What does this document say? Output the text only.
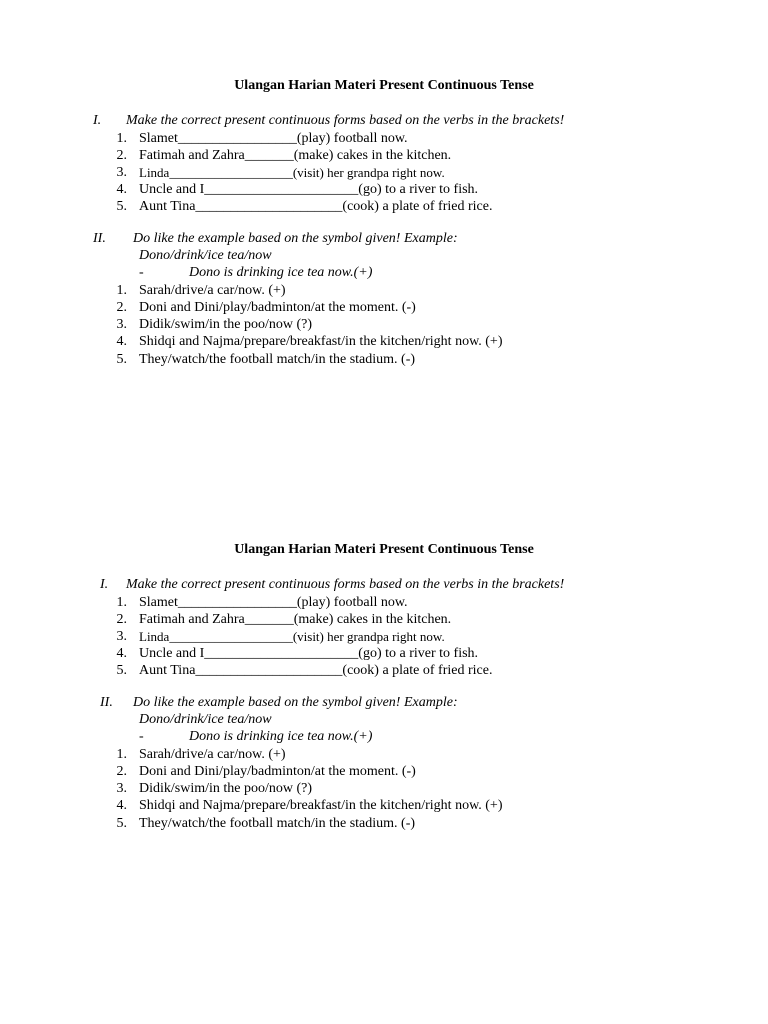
Ulangan Harian Materi Present Continuous Tense
I. Make the correct present continuous forms based on the verbs in the brackets!
1. Slamet_________________(play) football now.
2. Fatimah and Zahra_______(make) cakes in the kitchen.
3. Linda___________________(visit) her grandpa right now.
4. Uncle and I______________________(go) to a river to fish.
5. Aunt Tina_____________________(cook) a plate of fried rice.
II. Do like the example based on the symbol given! Example:
Dono/drink/ice tea/now
-	Dono is drinking ice tea now.(+)
1. Sarah/drive/a car/now. (+)
2. Doni and Dini/play/badminton/at the moment. (-)
3. Didik/swim/in the poo/now (?)
4. Shidqi and Najma/prepare/breakfast/in the kitchen/right now. (+)
5. They/watch/the football match/in the stadium. (-)
Ulangan Harian Materi Present Continuous Tense
I. Make the correct present continuous forms based on the verbs in the brackets!
1. Slamet_________________(play) football now.
2. Fatimah and Zahra_______(make) cakes in the kitchen.
3. Linda___________________(visit) her grandpa right now.
4. Uncle and I______________________(go) to a river to fish.
5. Aunt Tina_____________________(cook) a plate of fried rice.
II. Do like the example based on the symbol given! Example:
Dono/drink/ice tea/now
-	Dono is drinking ice tea now.(+)
1. Sarah/drive/a car/now. (+)
2. Doni and Dini/play/badminton/at the moment. (-)
3. Didik/swim/in the poo/now (?)
4. Shidqi and Najma/prepare/breakfast/in the kitchen/right now. (+)
5. They/watch/the football match/in the stadium. (-)
